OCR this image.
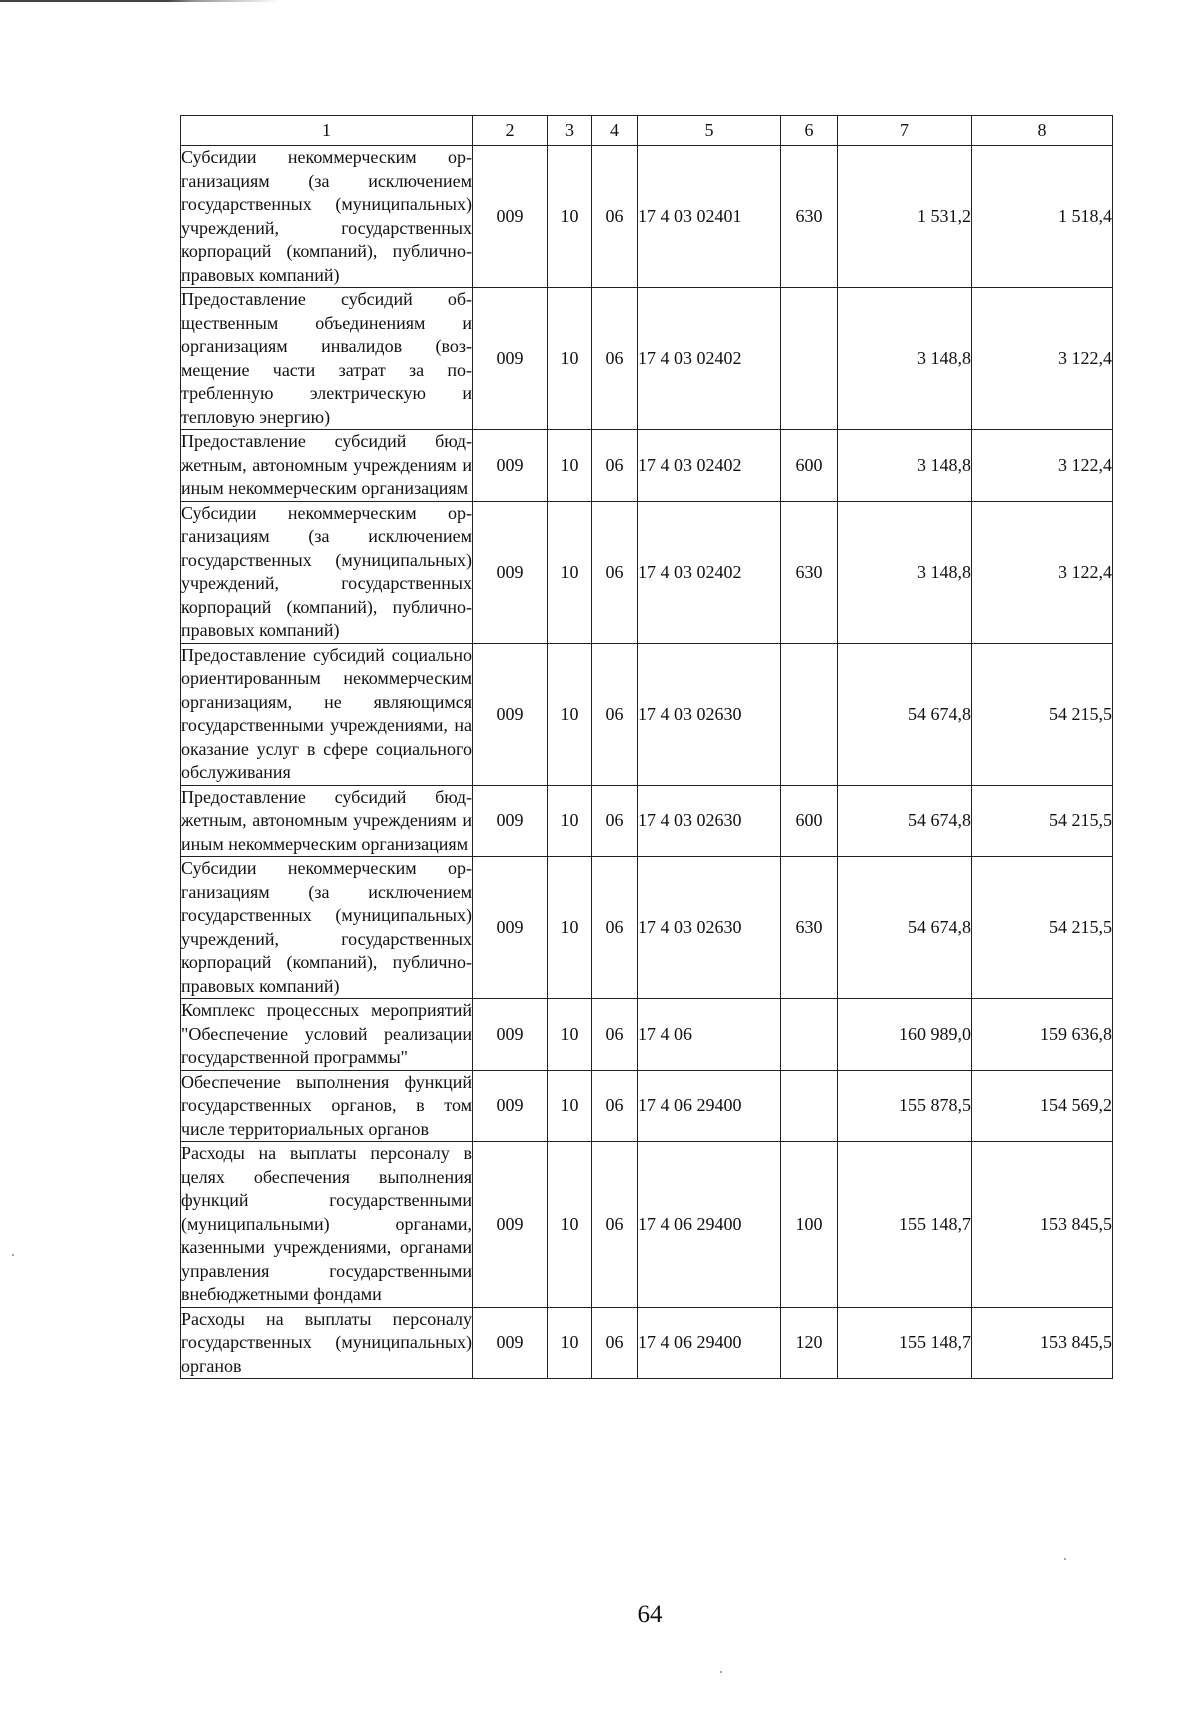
1	2	3	4	5	6	7	8
Субсидии некоммерческим организациям (за исключением государственных (муниципальных) учреждений, государственных корпораций (компаний), публично-правовых компаний)	009	10	06	17 4 03 02401	630	1 531,2	1 518,4
Предоставление субсидий общественным объединениям и организациям инвалидов (возмещение части затрат за потребленную электрическую и тепловую энергию)	009	10	06	17 4 03 02402		3 148,8	3 122,4
Предоставление субсидий бюджетным, автономным учреждениям и иным некоммерческим организациям	009	10	06	17 4 03 02402	600	3 148,8	3 122,4
Субсидии некоммерческим организациям (за исключением государственных (муниципальных) учреждений, государственных корпораций (компаний), публично-правовых компаний)	009	10	06	17 4 03 02402	630	3 148,8	3 122,4
Предоставление субсидий социально ориентированным некоммерческим организациям, не являющимся государственными учреждениями, на оказание услуг в сфере социального обслуживания	009	10	06	17 4 03 02630		54 674,8	54 215,5
Предоставление субсидий бюджетным, автономным учреждениям и иным некоммерческим организациям	009	10	06	17 4 03 02630	600	54 674,8	54 215,5
Субсидии некоммерческим организациям (за исключением государственных (муниципальных) учреждений, государственных корпораций (компаний), публично-правовых компаний)	009	10	06	17 4 03 02630	630	54 674,8	54 215,5
Комплекс процессных мероприятий "Обеспечение условий реализации государственной программы"	009	10	06	17 4 06		160 989,0	159 636,8
Обеспечение выполнения функций государственных органов, в том числе территориальных органов	009	10	06	17 4 06 29400		155 878,5	154 569,2
Расходы на выплаты персоналу в целях обеспечения выполнения функций государственными (муниципальными) органами, казенными учреждениями, органами управления государственными внебюджетными фондами	009	10	06	17 4 06 29400	100	155 148,7	153 845,5
Расходы на выплаты персоналу государственных (муниципальных) органов	009	10	06	17 4 06 29400	120	155 148,7	153 845,5
64
